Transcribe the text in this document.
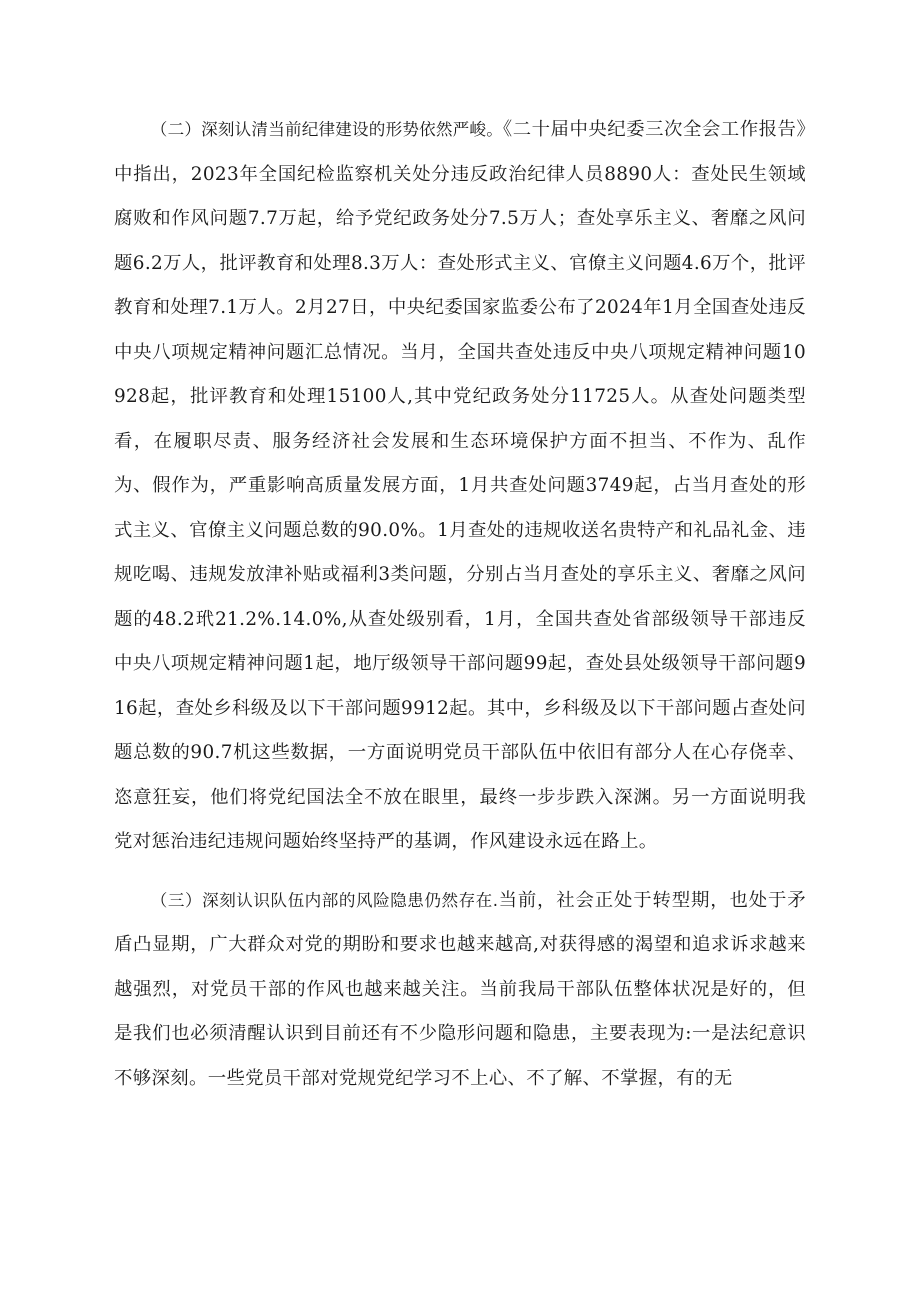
（二）深刻认清当前纪律建设的形势依然严峻。《二十届中央纪委三次全会工作报告》中指出，2023年全国纪检监察机关处分违反政治纪律人员8890人：查处民生领域腐败和作风问题7.7万起，给予党纪政务处分7.5万人；查处享乐主义、奢靡之风问题6.2万人，批评教育和处理8.3万人：查处形式主义、官僚主义问题4.6万个，批评教育和处理7.1万人。2月27日，中央纪委国家监委公布了2024年1月全国查处违反中央八项规定精神问题汇总情况。当月，全国共查处违反中央八项规定精神问题10928起，批评教育和处理15100人,其中党纪政务处分11725人。从查处问题类型看，在履职尽责、服务经济社会发展和生态环境保护方面不担当、不作为、乱作为、假作为，严重影响高质量发展方面，1月共查处问题3749起，占当月查处的形式主义、官僚主义问题总数的90.0%。1月查处的违规收送名贵特产和礼品礼金、违规吃喝、违规发放津补贴或福利3类问题，分别占当月查处的享乐主义、奢靡之风问题的48.2玳21.2%.14.0%,从查处级别看，1月，全国共查处省部级领导干部违反中央八项规定精神问题1起，地厅级领导干部问题99起，查处县处级领导干部问题916起，查处乡科级及以下干部问题9912起。其中，乡科级及以下干部问题占查处问题总数的90.7机这些数据，一方面说明党员干部队伍中依旧有部分人在心存侥幸、恣意狂妄，他们将党纪国法全不放在眼里，最终一步步跌入深渊。另一方面说明我党对惩治违纪违规问题始终坚持严的基调，作风建设永远在路上。

（三）深刻认识队伍内部的风险隐患仍然存在.当前，社会正处于转型期，也处于矛盾凸显期，广大群众对党的期盼和要求也越来越高,对获得感的渴望和追求诉求越来越强烈，对党员干部的作风也越来越关注。当前我局干部队伍整体状况是好的，但是我们也必须清醒认识到目前还有不少隐形问题和隐患，主要表现为:一是法纪意识不够深刻。一些党员干部对党规党纪学习不上心、不了解、不掌握，有的无
